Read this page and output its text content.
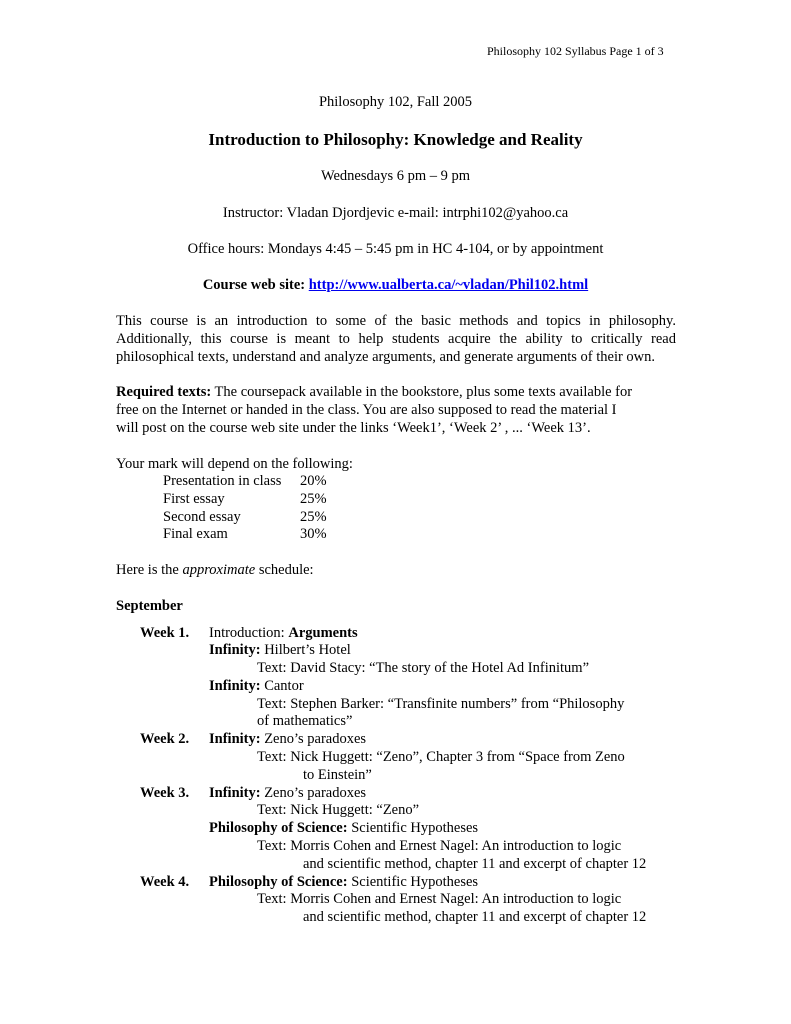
Philosophy 102 Syllabus Page 1 of 3
Philosophy 102, Fall 2005
Introduction to Philosophy: Knowledge and Reality
Wednesdays 6 pm – 9 pm
Instructor: Vladan Djordjevic e-mail: intrphi102@yahoo.ca
Office hours: Mondays 4:45 – 5:45 pm in HC 4-104, or by appointment
Course web site: http://www.ualberta.ca/~vladan/Phil102.html
This course is an introduction to some of the basic methods and topics in philosophy. Additionally, this course is meant to help students acquire the ability to critically read philosophical texts, understand and analyze arguments, and generate arguments of their own.
Required texts: The coursepack available in the bookstore, plus some texts available for
free on the Internet or handed in the class. You are also supposed to read the material I
will post on the course web site under the links ‘Week1’, ‘Week 2’ , ... ‘Week 13’.
Your mark will depend on the following:
Presentation in class 20%
First essay	25%
Second essay	25%
Final exam	30%
Here is the approximate schedule:
September
Week 1. Introduction: Arguments
Infinity: Hilbert’s Hotel
Text: David Stacy: “The story of the Hotel Ad Infinitum”
Infinity: Cantor
Text: Stephen Barker: “Transfinite numbers” from “Philosophy
of mathematics”
Week 2. Infinity: Zeno’s paradoxes
Text: Nick Huggett: “Zeno”, Chapter 3 from “Space from Zeno
to Einstein”
Week 3. Infinity: Zeno’s paradoxes
Text: Nick Huggett: “Zeno”
Philosophy of Science: Scientific Hypotheses
Text: Morris Cohen and Ernest Nagel: An introduction to logic
and scientific method, chapter 11 and excerpt of chapter 12
Week 4. Philosophy of Science: Scientific Hypotheses
Text: Morris Cohen and Ernest Nagel: An introduction to logic
and scientific method, chapter 11 and excerpt of chapter 12
